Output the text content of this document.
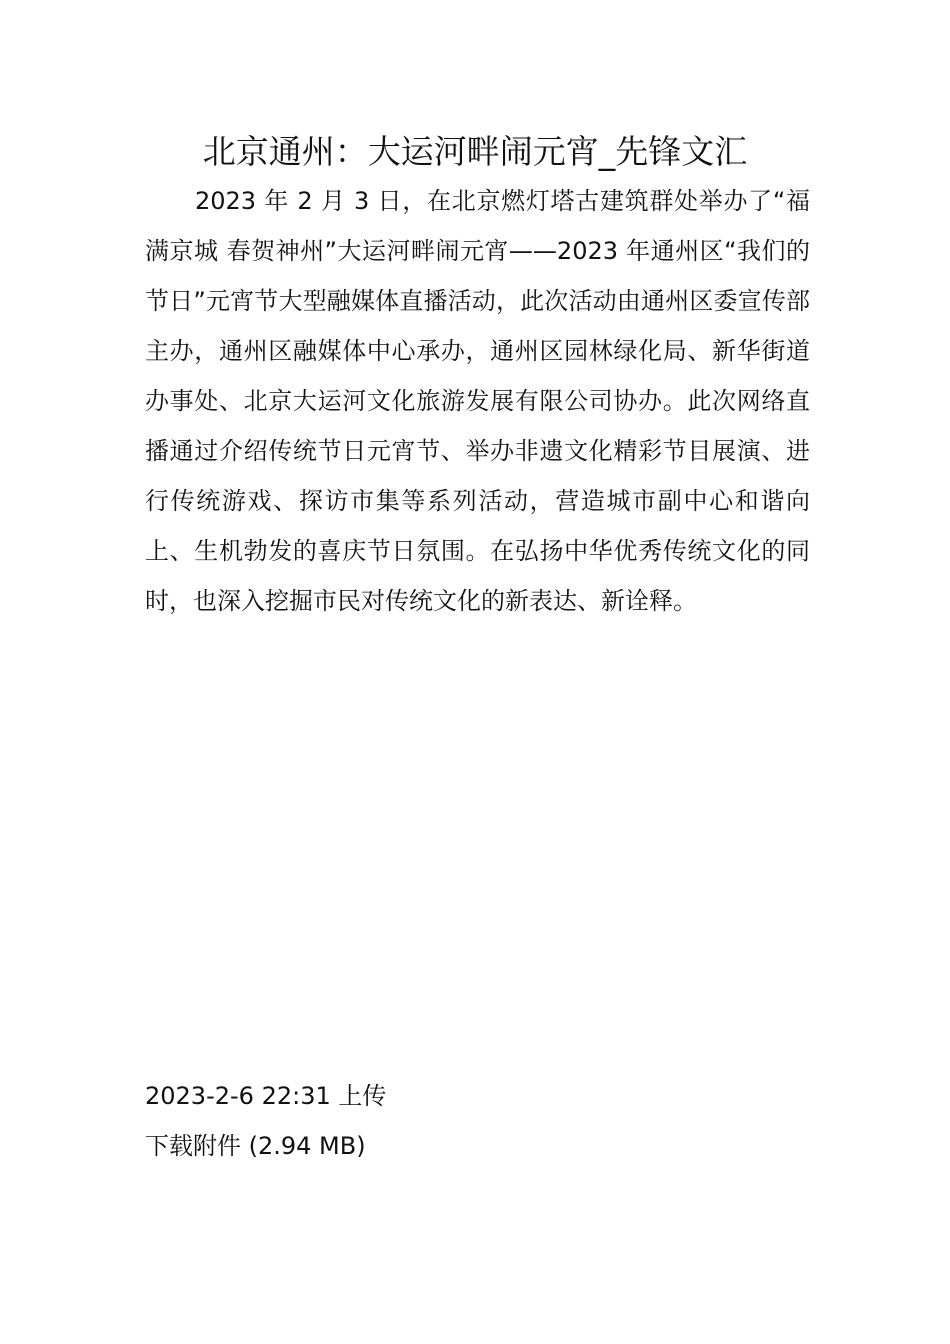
北京通州：大运河畔闹元宵_先锋文汇

2023 年 2 月 3 日，在北京燃灯塔古建筑群处举办了“福满京城 春贺神州”大运河畔闹元宵——2023 年通州区“我们的节日”元宵节大型融媒体直播活动，此次活动由通州区委宣传部主办，通州区融媒体中心承办，通州区园林绿化局、新华街道办事处、北京大运河文化旅游发展有限公司协办。此次网络直播通过介绍传统节日元宵节、举办非遗文化精彩节目展演、进行传统游戏、探访市集等系列活动，营造城市副中心和谐向上、生机勃发的喜庆节日氛围。在弘扬中华优秀传统文化的同时，也深入挖掘市民对传统文化的新表达、新诠释。

2023-2-6 22:31 上传
下载附件 (2.94 MB)
